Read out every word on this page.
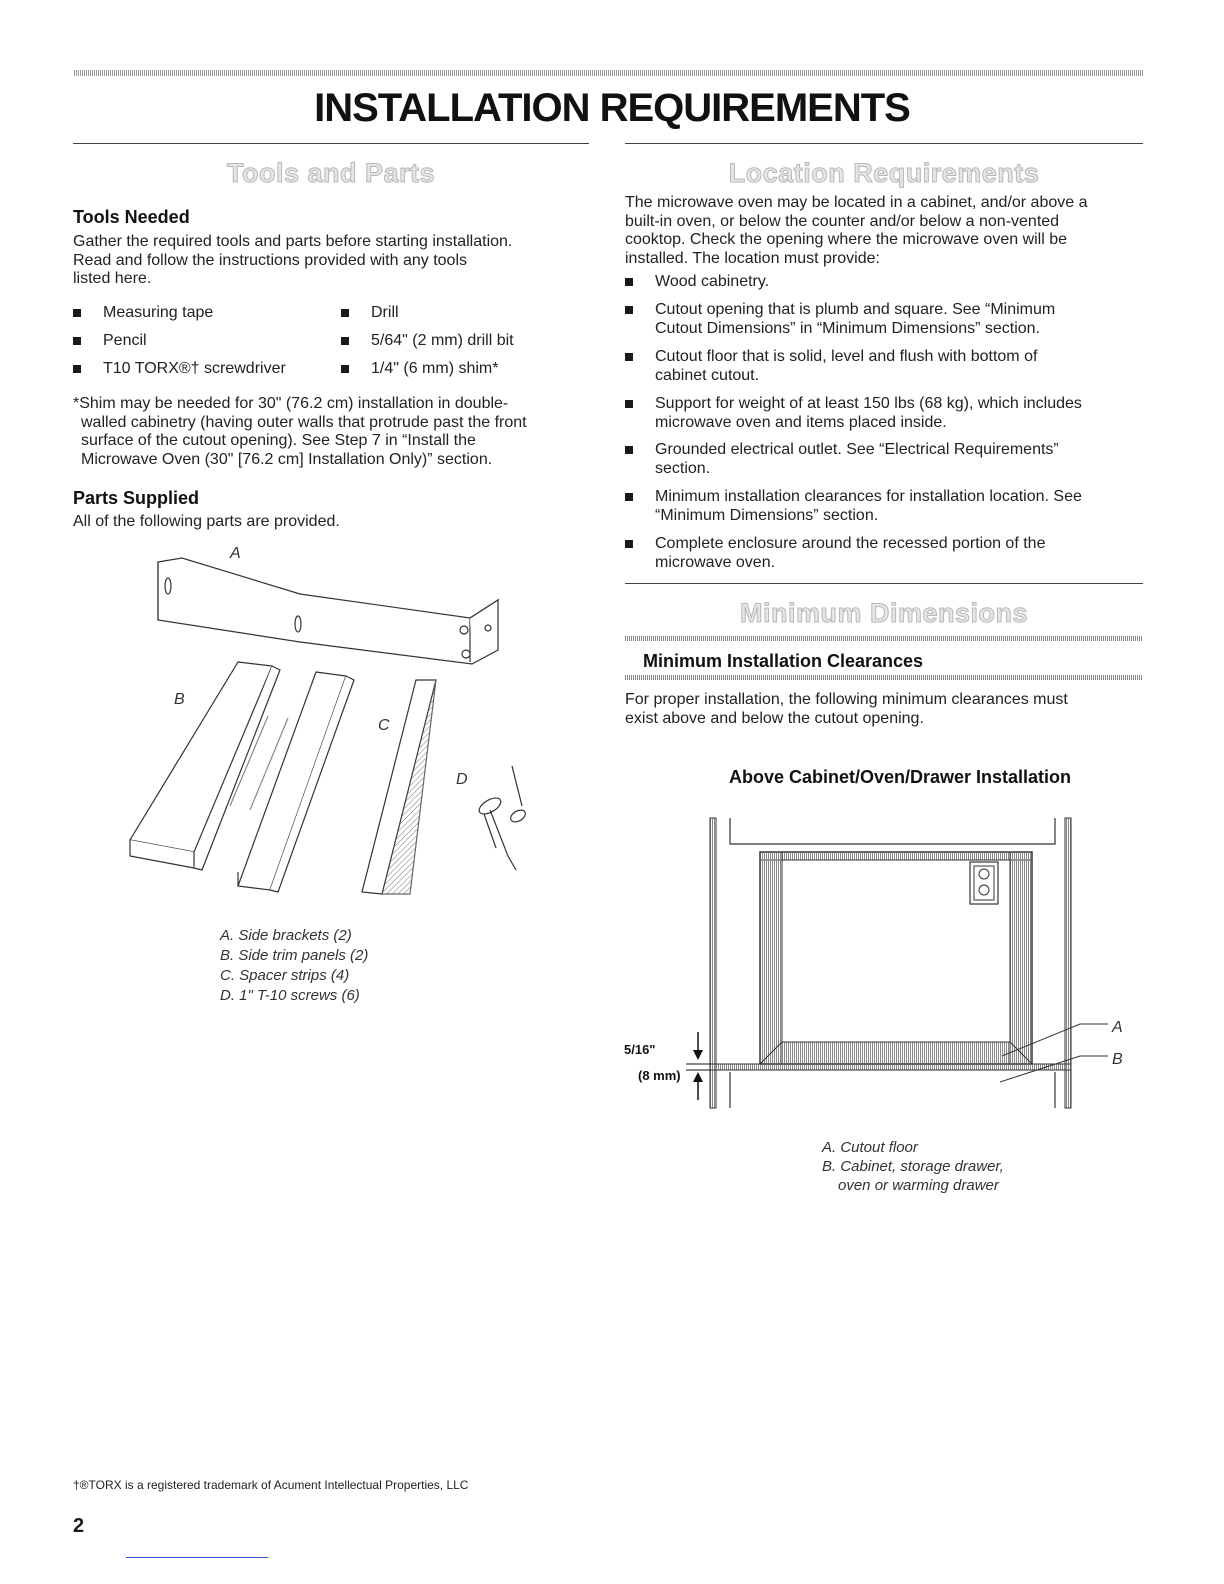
INSTALLATION REQUIREMENTS
Tools and Parts
Tools Needed
Gather the required tools and parts before starting installation.
Read and follow the instructions provided with any tools
listed here.
Measuring tape
Pencil
T10 TORX®† screwdriver
Drill
5/64" (2 mm) drill bit
1/4" (6 mm) shim*
*Shim may be needed for 30" (76.2 cm) installation in double-
walled cabinetry (having outer walls that protrude past the front
surface of the cutout opening). See Step 7 in “Install the
Microwave Oven (30" [76.2 cm] Installation Only)” section.
Parts Supplied

All of the following parts are provided.

A
B
C
D
A. Side brackets (2)
B. Side trim panels (2)
C. Spacer strips (4)
D. 1" T-10 screws (6)
Location Requirements
The microwave oven may be located in a cabinet, and/or above a
built-in oven, or below the counter and/or below a non-vented
cooktop. Check the opening where the microwave oven will be
installed. The location must provide:
Wood cabinetry.
Cutout opening that is plumb and square. See “Minimum
Cutout Dimensions” in “Minimum Dimensions” section.
Cutout floor that is solid, level and flush with bottom of
cabinet cutout.
Support for weight of at least 150 lbs (68 kg), which includes
microwave oven and items placed inside.
Grounded electrical outlet. See “Electrical Requirements”
section.
Minimum installation clearances for installation location. See
“Minimum Dimensions” section.
Complete enclosure around the recessed portion of the
microwave oven.
Minimum Dimensions
Minimum Installation Clearances
For proper installation, the following minimum clearances must
exist above and below the cutout opening.
Above Cabinet/Oven/Drawer Installation
5/16"
(8 mm)
A
B
A. Cutout floor
B. Cabinet, storage drawer,
oven or warming drawer
†®TORX is a registered trademark of Acument Intellectual Properties, LLC
2
